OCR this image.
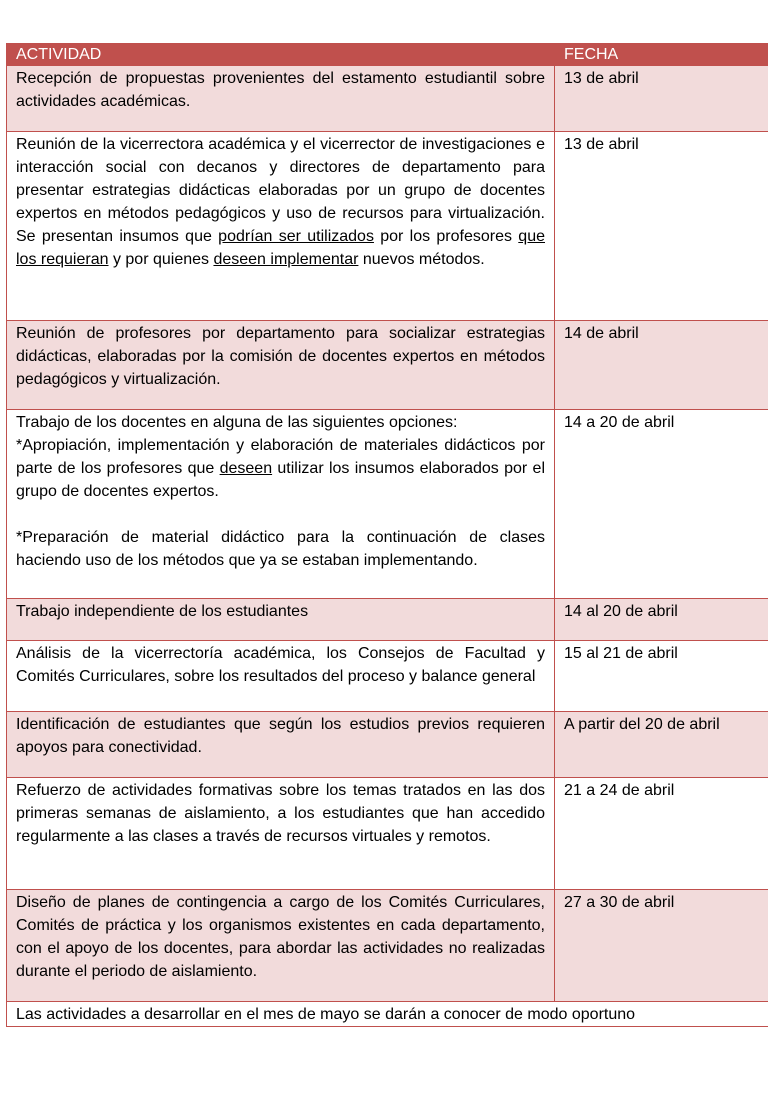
ACTIVIDAD	FECHA
Recepción de propuestas provenientes del estamento estudiantil sobre actividades académicas.	13 de abril
Reunión de la vicerrectora académica y el vicerrector de investigaciones e interacción social con decanos y directores de departamento para presentar estrategias didácticas elaboradas por un grupo de docentes expertos en métodos pedagógicos y uso de recursos para virtualización. Se presentan insumos que podrían ser utilizados por los profesores que los requieran y por quienes deseen implementar nuevos métodos.	13 de abril
Reunión de profesores por departamento para socializar estrategias didácticas, elaboradas por la comisión de docentes expertos en métodos pedagógicos y virtualización.	14 de abril

Trabajo de los docentes en alguna de las siguientes opciones:
*Apropiación, implementación y elaboración de materiales didácticos por parte de los profesores que deseen utilizar los insumos elaborados por el grupo de docentes expertos.
*Preparación de material didáctico para la continuación de clases haciendo uso de los métodos que ya se estaban implementando.	14 a 20 de abril
Trabajo independiente de los estudiantes	14 al 20 de abril
Análisis de la vicerrectoría académica, los Consejos de Facultad y Comités Curriculares, sobre los resultados del proceso y balance general	15 al 21 de abril
Identificación de estudiantes que según los estudios previos requieren apoyos para conectividad.	A partir del 20 de abril
Refuerzo de actividades formativas sobre los temas tratados en las dos primeras semanas de aislamiento, a los estudiantes que han accedido regularmente a las clases a través de recursos virtuales y remotos.	21 a 24 de abril
Diseño de planes de contingencia a cargo de los Comités Curriculares, Comités de práctica y los organismos existentes en cada departamento, con el apoyo de los docentes, para abordar las actividades no realizadas durante el periodo de aislamiento.	27 a 30 de abril
Las actividades a desarrollar en el mes de mayo se darán a conocer de modo oportuno	
